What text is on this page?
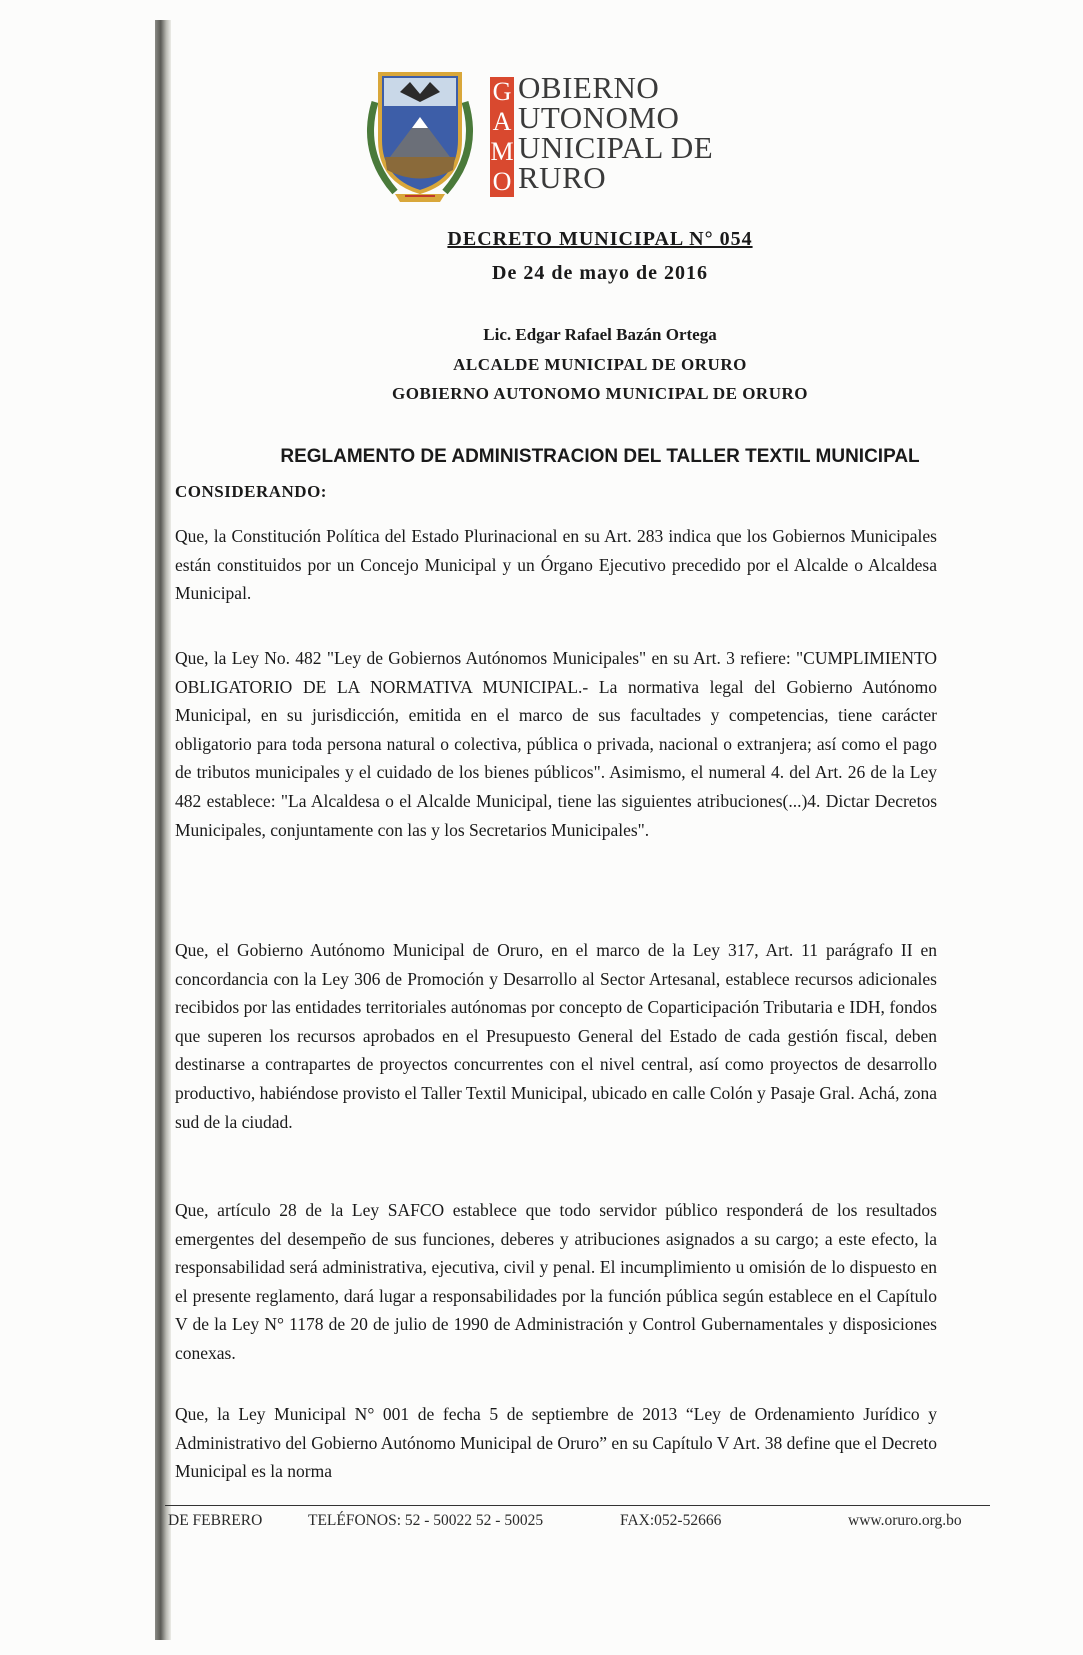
G
A
M
O
OBIERNO
UTONOMO
UNICIPAL DE
RURO
DECRETO MUNICIPAL N° 054
De 24 de mayo de 2016
Lic. Edgar Rafael Bazán Ortega
ALCALDE MUNICIPAL DE ORURO
GOBIERNO AUTONOMO MUNICIPAL DE ORURO
REGLAMENTO DE ADMINISTRACION DEL TALLER TEXTIL MUNICIPAL
CONSIDERANDO:

Que, la Constitución Política del Estado Plurinacional en su Art. 283 indica que los Gobiernos Municipales están constituidos por un Concejo Municipal y un Órgano Ejecutivo precedido por el Alcalde o Alcaldesa Municipal.

Que, la Ley No. 482 "Ley de Gobiernos Autónomos Municipales" en su Art. 3 refiere: "CUMPLIMIENTO OBLIGATORIO DE LA NORMATIVA MUNICIPAL.- La normativa legal del Gobierno Autónomo Municipal, en su jurisdicción, emitida en el marco de sus facultades y competencias, tiene carácter obligatorio para toda persona natural o colectiva, pública o privada, nacional o extranjera; así como el pago de tributos municipales y el cuidado de los bienes públicos". Asimismo, el numeral 4. del Art. 26 de la Ley 482 establece: "La Alcaldesa o el Alcalde Municipal, tiene las siguientes atribuciones(...)4. Dictar Decretos Municipales, conjuntamente con las y los Secretarios Municipales".

Que, el Gobierno Autónomo Municipal de Oruro, en el marco de la Ley 317, Art. 11 parágrafo II en concordancia con la Ley 306 de Promoción y Desarrollo al Sector Artesanal, establece recursos adicionales recibidos por las entidades territoriales autónomas por concepto de Coparticipación Tributaria e IDH, fondos que superen los recursos aprobados en el Presupuesto General del Estado de cada gestión fiscal, deben destinarse a contrapartes de proyectos concurrentes con el nivel central, así como proyectos de desarrollo productivo, habiéndose provisto el Taller Textil Municipal, ubicado en calle Colón y Pasaje Gral. Achá, zona sud de la ciudad.

Que, artículo 28 de la Ley SAFCO establece que todo servidor público responderá de los resultados emergentes del desempeño de sus funciones, deberes y atribuciones asignados a su cargo; a este efecto, la responsabilidad será administrativa, ejecutiva, civil y penal. El incumplimiento u omisión de lo dispuesto en el presente reglamento, dará lugar a responsabilidades por la función pública según establece en el Capítulo V de la Ley N° 1178 de 20 de julio de 1990 de Administración y Control Gubernamentales y disposiciones conexas.

Que, la Ley Municipal N° 001 de fecha 5 de septiembre de 2013 “Ley de Ordenamiento Jurídico y Administrativo del Gobierno Autónomo Municipal de Oruro” en su Capítulo V Art. 38 define que el Decreto Municipal es la norma

DE FEBRERO	TELÉFONOS: 52 - 50022 52 - 50025	FAX:052-52666	www.oruro.org.bo
